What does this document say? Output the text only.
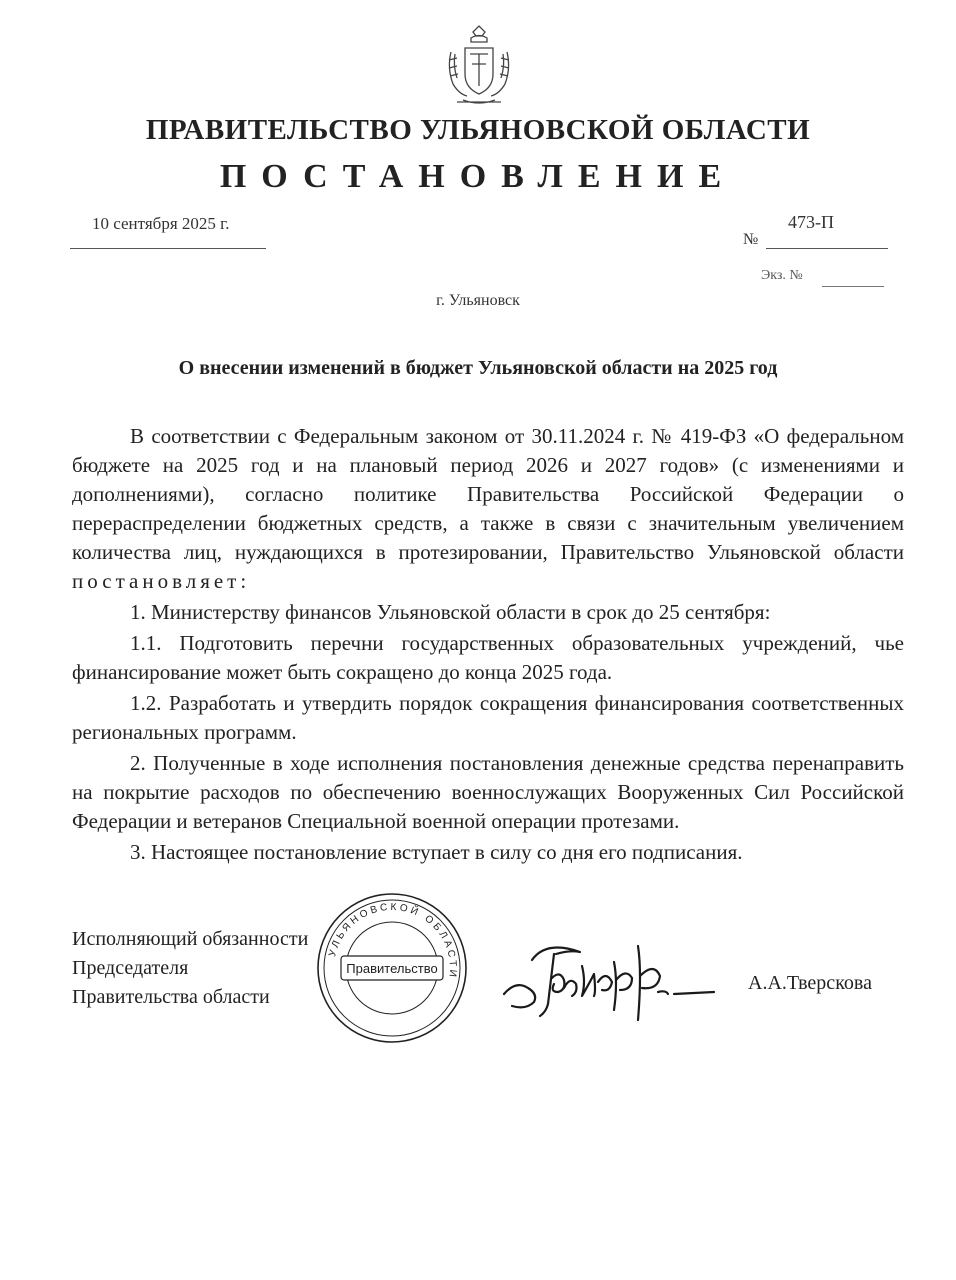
ПРАВИТЕЛЬСТВО УЛЬЯНОВСКОЙ ОБЛАСТИ
ПОСТАНОВЛЕНИЕ
10 сентября 2025 г.
№
473-П
Экз. №
г. Ульяновск
О внесении изменений в бюджет Ульяновской области на 2025 год

В соответствии с Федеральным законом от 30.11.2024 г. № 419-ФЗ «О федеральном бюджете на 2025 год и на плановый период 2026 и 2027 годов» (с изменениями и дополнениями), согласно политике Правительства Российской Федерации о перераспределении бюджетных средств, а также в связи с значительным увеличением количества лиц, нуждающихся в протезировании, Правительство Ульяновской области постановляет:

1. Министерству финансов Ульяновской области в срок до 25 сентября:

1.1. Подготовить перечни государственных образовательных учреждений, чье финансирование может быть сокращено до конца 2025 года.

1.2. Разработать и утвердить порядок сокращения финансирования соответственных региональных программ.

2. Полученные в ходе исполнения постановления денежные средства перенаправить на покрытие расходов по обеспечению военнослужащих Вооруженных Сил Российской Федерации и ветеранов Специальной военной операции протезами.

3. Настоящее постановление вступает в силу со дня его подписания.

Исполняющий обязанности
Председателя
Правительства области
УЛЬЯНОВСКОЙ ОБЛАСТИ
Правительство
А.А.Тверскова
